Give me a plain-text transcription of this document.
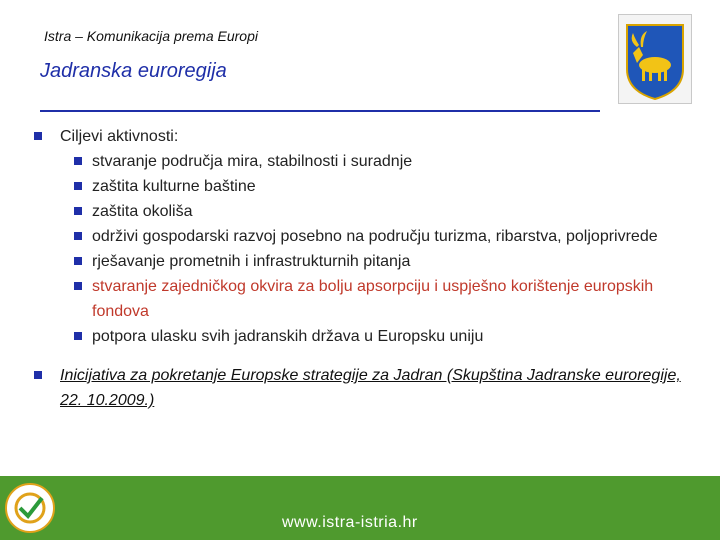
Istra – Komunikacija prema Europi
Jadranska euroregija
Ciljevi aktivnosti:
stvaranje područja mira, stabilnosti i suradnje
zaštita kulturne baštine
zaštita okoliša
održivi gospodarski razvoj posebno na području turizma, ribarstva, poljoprivrede
rješavanje prometnih i infrastrukturnih pitanja
stvaranje zajedničkog okvira za bolju apsorpciju i uspješno korištenje europskih fondova
potpora ulasku svih jadranskih država u Europsku uniju
Inicijativa za pokretanje Europske strategije za Jadran (Skupština Jadranske euroregije, 22. 10.2009.)
www.istra-istria.hr
